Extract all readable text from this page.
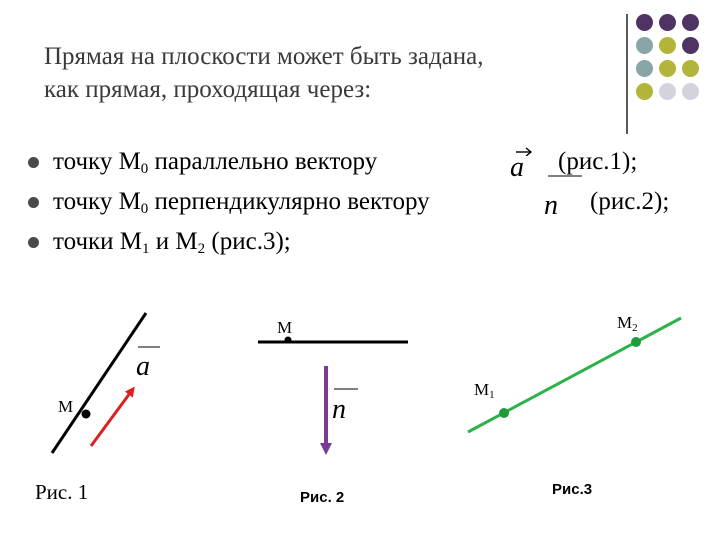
Прямая на плоскости может быть задана,
как прямая, проходящая через:
точку $М_0$ параллельно вектору	a	(рис.1);
точку $М_0$ перпендикулярно вектору	n (рис.2);
точки $М_1$ и $М_2$ (рис.3);
M
a
Рис. 1
M
n
Рис. 2
M1
M2
Рис.3
